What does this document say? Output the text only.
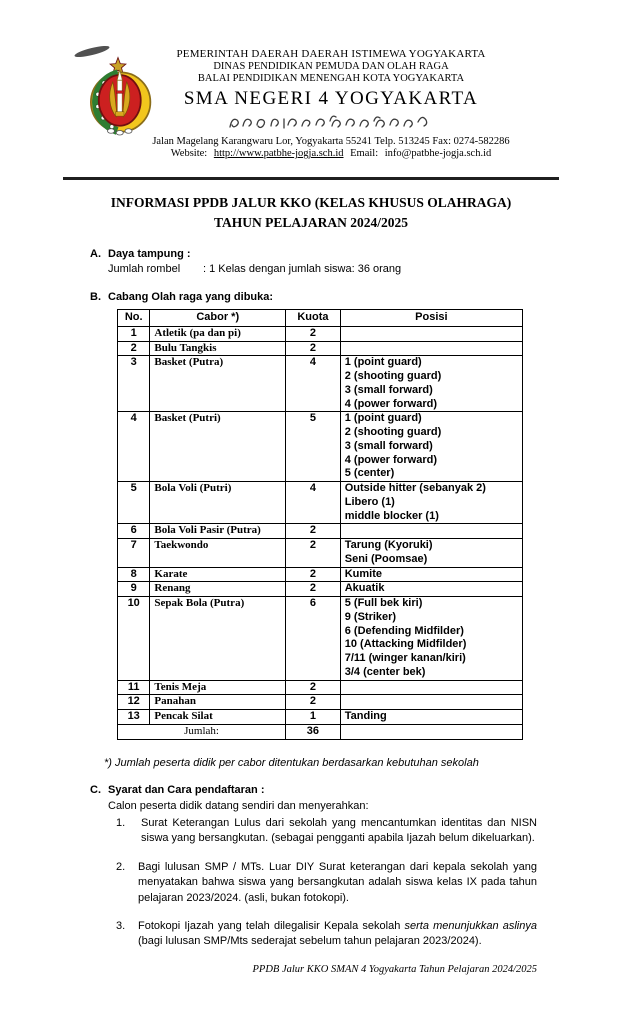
PEMERINTAH DAERAH DAERAH ISTIMEWA YOGYAKARTA
DINAS PENDIDIKAN PEMUDA DAN OLAH RAGA
BALAI PENDIDIKAN MENENGAH KOTA YOGYAKARTA
SMA NEGERI 4 YOGYAKARTA
Jalan Magelang Karangwaru Lor, Yogyakarta 55241 Telp. 513245 Fax: 0274-582286
Website: http://www.patbhe-jogja.sch.id Email: info@patbhe-jogja.sch.id
INFORMASI PPDB JALUR KKO (KELAS KHUSUS OLAHRAGA)
TAHUN PELAJARAN 2024/2025
A. Daya tampung :
Jumlah rombel	: 1 Kelas dengan jumlah siswa: 36 orang
B. Cabang Olah raga yang dibuka:
No.	Cabor *)	Kuota	Posisi
1	Atletik (pa dan pi)	2	
2	Bulu Tangkis	2	
3	Basket (Putra)	4	1 (point guard)
2 (shooting guard)
3 (small forward)
4 (power forward)

4	Basket (Putri)	5	1 (point guard)
2 (shooting guard)
3 (small forward)
4 (power forward)
5 (center)

5	Bola Voli (Putri)	4	Outside hitter (sebanyak 2)
Libero (1)
middle blocker (1)

6	Bola Voli Pasir (Putra)	2	
7	Taekwondo	2	Tarung (Kyoruki)
Seni (Poomsae)

8	Karate	2	Kumite

9	Renang	2	Akuatik

10	Sepak Bola (Putra)	6	5 (Full bek kiri)
9 (Striker)
6 (Defending Midfilder)
10 (Attacking Midfilder)
7/11 (winger kanan/kiri)
3/4 (center bek)

11	Tenis Meja	2	
12	Panahan	2	
13	Pencak Silat	1	Tanding

Jumlah:		36	
*) Jumlah peserta didik per cabor ditentukan berdasarkan kebutuhan sekolah
C. Syarat dan Cara pendaftaran :
Calon peserta didik datang sendiri dan menyerahkan:
1.	Surat Keterangan Lulus dari sekolah yang mencantumkan identitas dan NISN siswa yang bersangkutan. (sebagai pengganti apabila Ijazah belum dikeluarkan).
2.	Bagi lulusan SMP / MTs. Luar DIY Surat keterangan dari kepala sekolah yang menyatakan bahwa siswa yang bersangkutan adalah siswa kelas IX pada tahun pelajaran 2023/2024. (asli, bukan fotokopi).
3.	Fotokopi Ijazah yang telah dilegalisir Kepala sekolah serta menunjukkan aslinya (bagi lulusan SMP/Mts sederajat sebelum tahun pelajaran 2023/2024).
PPDB Jalur KKO SMAN 4 Yogyakarta Tahun Pelajaran 2024/2025
